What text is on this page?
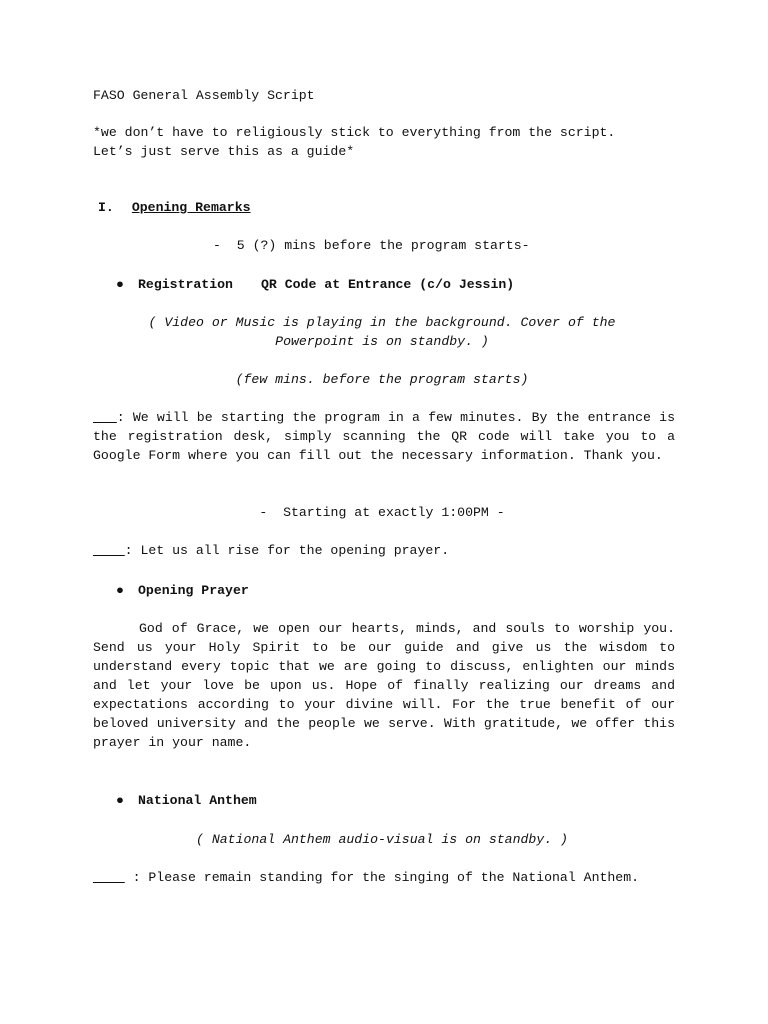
FASO General Assembly Script
*we don’t have to religiously stick to everything from the script.
Let’s just serve this as a guide*
I. Opening Remarks
-  5 (?) mins before the program starts-
● Registration QR Code at Entrance (c/o Jessin)
( Video or Music is playing in the background. Cover of the
Powerpoint is on standby. )
(few mins. before the program starts)
___: We will be starting the program in a few minutes. By the entrance is the registration desk, simply scanning the QR code will take you to a Google Form where you can fill out the necessary information. Thank you.
-  Starting at exactly 1:00PM -
____: Let us all rise for the opening prayer.
● Opening Prayer
God of Grace, we open our hearts, minds, and souls to worship you. Send us your Holy Spirit to be our guide and give us the wisdom to understand every topic that we are going to discuss, enlighten our minds and let your love be upon us. Hope of finally realizing our dreams and expectations according to your divine will. For the true benefit of our beloved university and the people we serve. With gratitude, we offer this prayer in your name.
● National Anthem
( National Anthem audio-visual is on standby. )
____ : Please remain standing for the singing of the National Anthem.
